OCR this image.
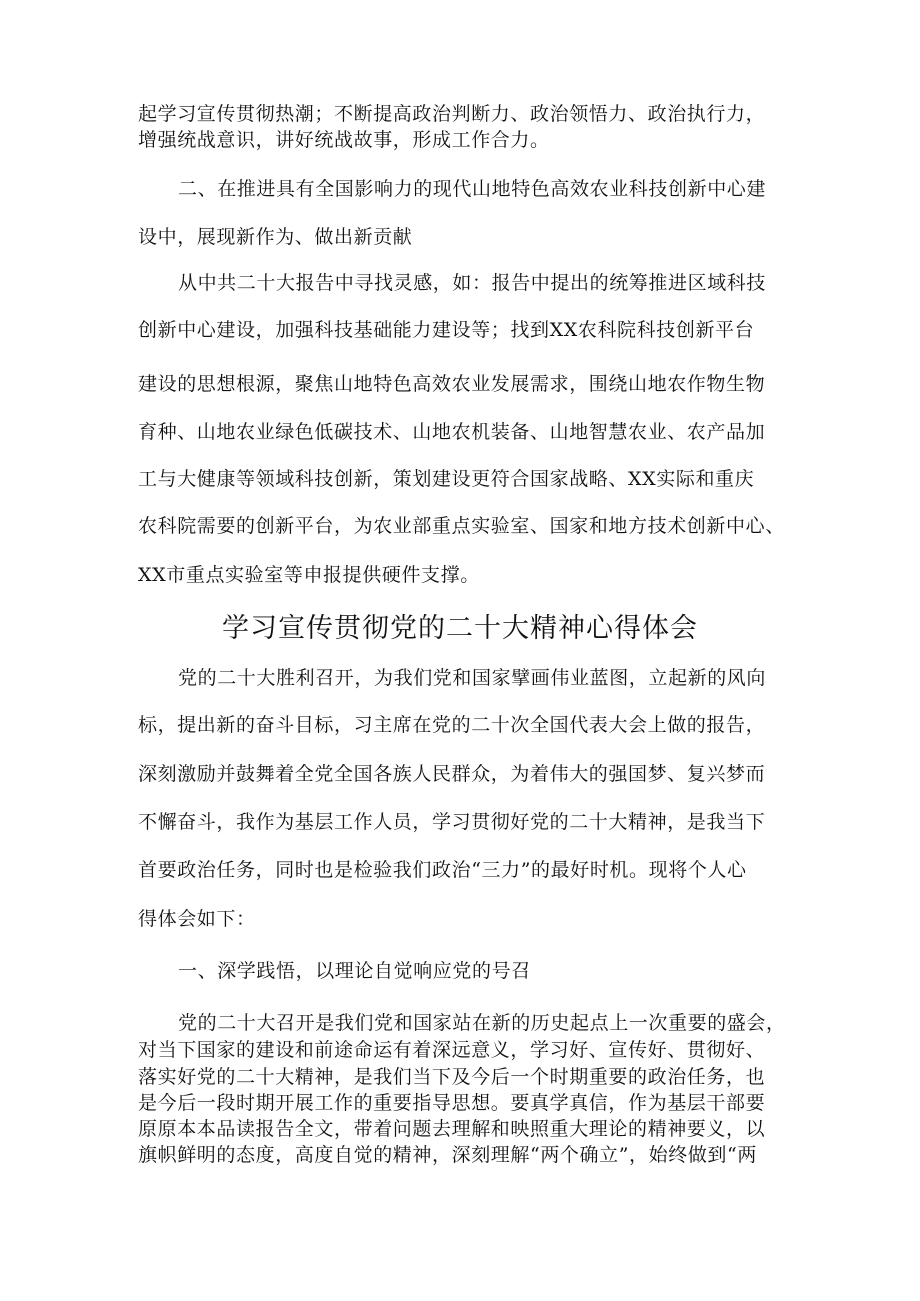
起学习宣传贯彻热潮；不断提高政治判断力、政治领悟力、政治执行力，
增强统战意识，讲好统战故事，形成工作合力。
二、在推进具有全国影响力的现代山地特色高效农业科技创新中心建
设中，展现新作为、做出新贡献
从中共二十大报告中寻找灵感，如：报告中提出的统筹推进区域科技
创新中心建设，加强科技基础能力建设等；找到XX农科院科技创新平台
建设的思想根源，聚焦山地特色高效农业发展需求，围绕山地农作物生物
育种、山地农业绿色低碳技术、山地农机装备、山地智慧农业、农产品加
工与大健康等领域科技创新，策划建设更符合国家战略、XX实际和重庆
农科院需要的创新平台，为农业部重点实验室、国家和地方技术创新中心、
XX市重点实验室等申报提供硬件支撑。
学习宣传贯彻党的二十大精神心得体会
党的二十大胜利召开，为我们党和国家擘画伟业蓝图，立起新的风向
标，提出新的奋斗目标，习主席在党的二十次全国代表大会上做的报告，
深刻激励并鼓舞着全党全国各族人民群众，为着伟大的强国梦、复兴梦而
不懈奋斗，我作为基层工作人员，学习贯彻好党的二十大精神，是我当下
首要政治任务，同时也是检验我们政治“三力”的最好时机。现将个人心
得体会如下：
一、深学践悟，以理论自觉响应党的号召
党的二十大召开是我们党和国家站在新的历史起点上一次重要的盛会，
对当下国家的建设和前途命运有着深远意义，学习好、宣传好、贯彻好、
落实好党的二十大精神，是我们当下及今后一个时期重要的政治任务，也
是今后一段时期开展工作的重要指导思想。要真学真信，作为基层干部要
原原本本品读报告全文，带着问题去理解和映照重大理论的精神要义，以
旗帜鲜明的态度，高度自觉的精神，深刻理解“两个确立”，始终做到“两
